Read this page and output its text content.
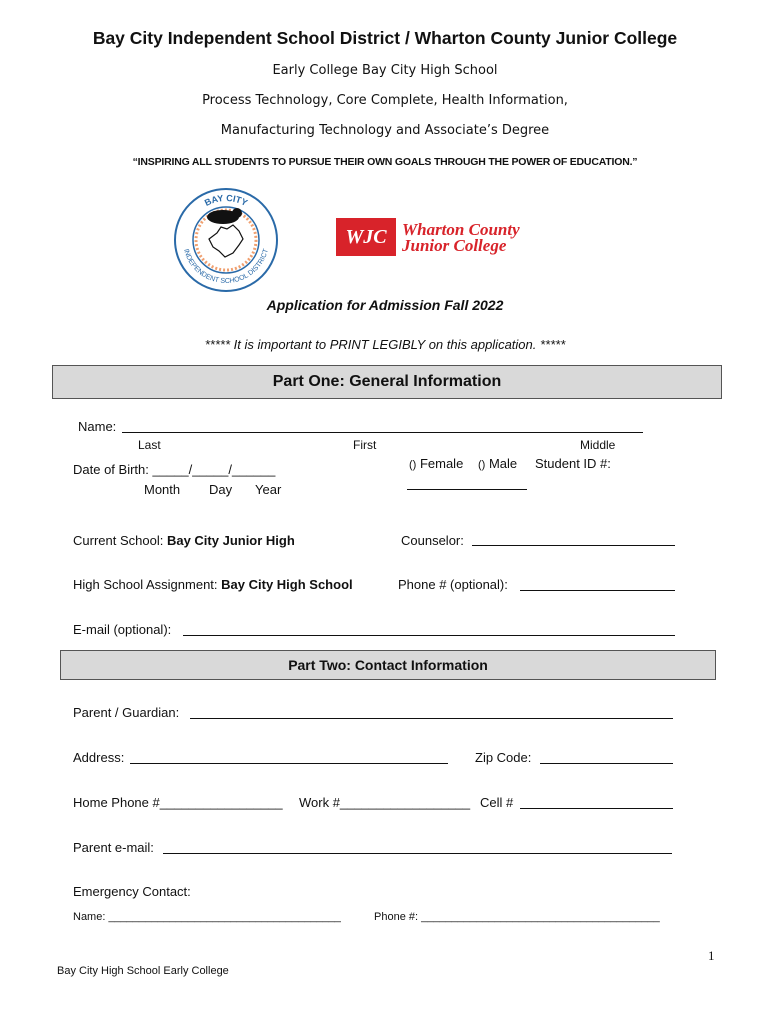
Bay City Independent School District / Wharton County Junior College
Early College Bay City High School
Process Technology, Core Complete, Health Information,
Manufacturing Technology and Associate’s Degree
“INSPIRING ALL STUDENTS TO PURSUE THEIR OWN GOALS THROUGH THE POWER OF EDUCATION.”
BAY CITY
INDEPENDENT SCHOOL DISTRICT
WJC Wharton County
Junior College
Application for Admission Fall 2022
***** It is important to PRINT LEGIBLY on this application. *****
Part One: General Information
Name:
Last	First	Middle
Date of Birth: _____/_____/______
Month Day Year
() Female () Male Student ID #:
Current School: Bay City Junior High	Counselor:
High School Assignment: Bay City High School	Phone # (optional):
E-mail (optional):
Part Two: Contact Information
Parent / Guardian:
Address:	Zip Code:
Home Phone #_________________ Work #__________________ Cell #
Parent e-mail:
Emergency Contact:
Name: ______________________________________	Phone #: _______________________________________
1
Bay City High School Early College
